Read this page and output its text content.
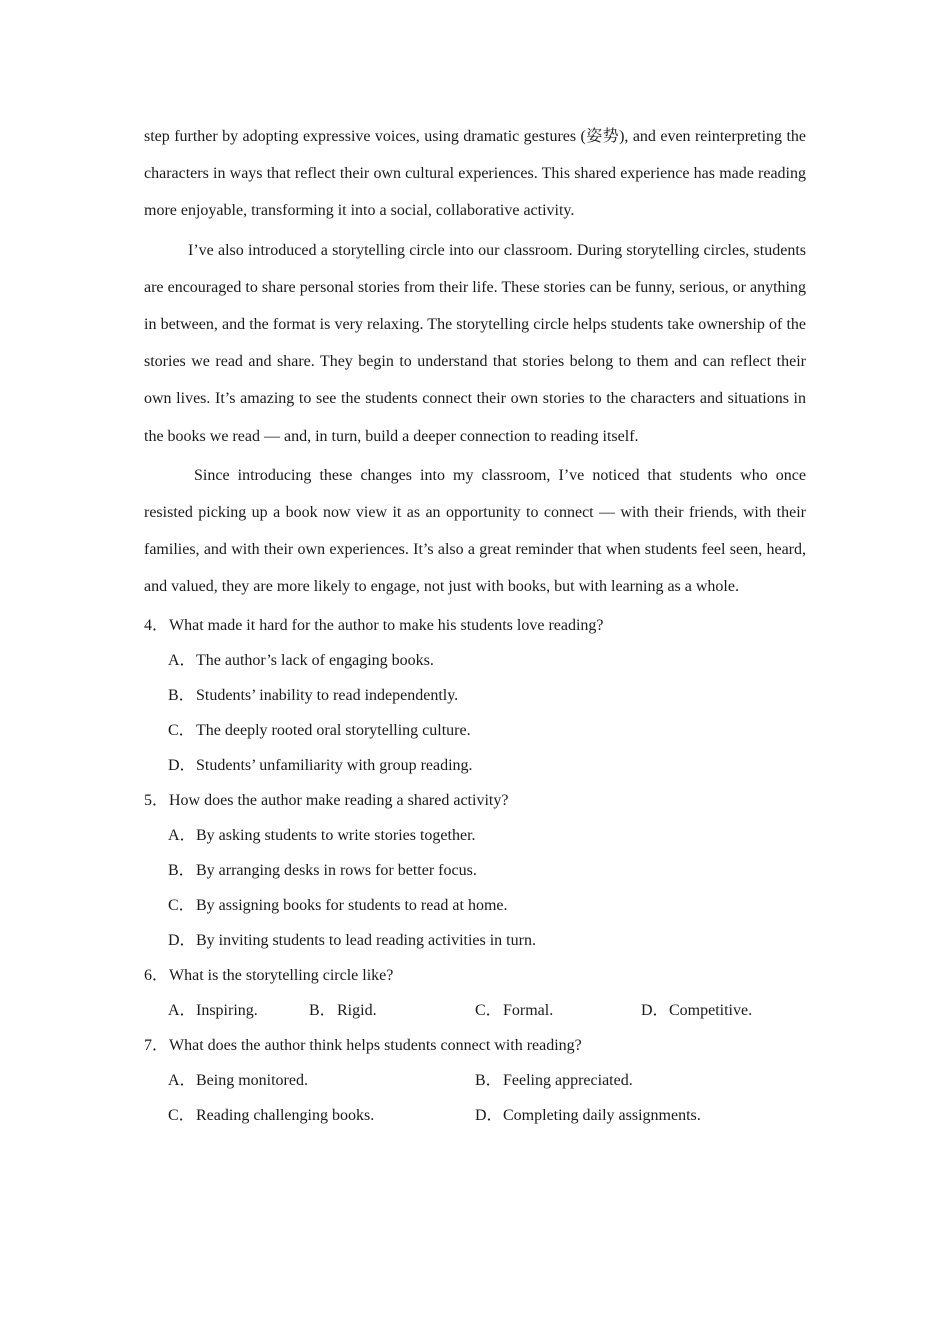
step further by adopting expressive voices, using dramatic gestures (姿势), and even reinterpreting the characters in ways that reflect their own cultural experiences. This shared experience has made reading more enjoyable, transforming it into a social, collaborative activity.

I’ve also introduced a storytelling circle into our classroom. During storytelling circles, students are encouraged to share personal stories from their life. These stories can be funny, serious, or anything in between, and the format is very relaxing. The storytelling circle helps students take ownership of the stories we read and share. They begin to understand that stories belong to them and can reflect their own lives. It’s amazing to see the students connect their own stories to the characters and situations in the books we read — and, in turn, build a deeper connection to reading itself.

Since introducing these changes into my classroom, I’ve noticed that students who once resisted picking up a book now view it as an opportunity to connect — with their friends, with their families, and with their own experiences. It’s also a great reminder that when students feel seen, heard, and valued, they are more likely to engage, not just with books, but with learning as a whole.

4．What made it hard for the author to make his students love reading?
A．The author’s lack of engaging books.
B．Students’ inability to read independently.
C．The deeply rooted oral storytelling culture.
D．Students’ unfamiliarity with group reading.
5．How does the author make reading a shared activity?
A．By asking students to write stories together.
B．By arranging desks in rows for better focus.
C．By assigning books for students to read at home.
D．By inviting students to lead reading activities in turn.
6．What is the storytelling circle like?
A．Inspiring.	B．Rigid.	C．Formal.	D．Competitive.
7．What does the author think helps students connect with reading?
A．Being monitored.	B．Feeling appreciated.
C．Reading challenging books.	D．Completing daily assignments.
